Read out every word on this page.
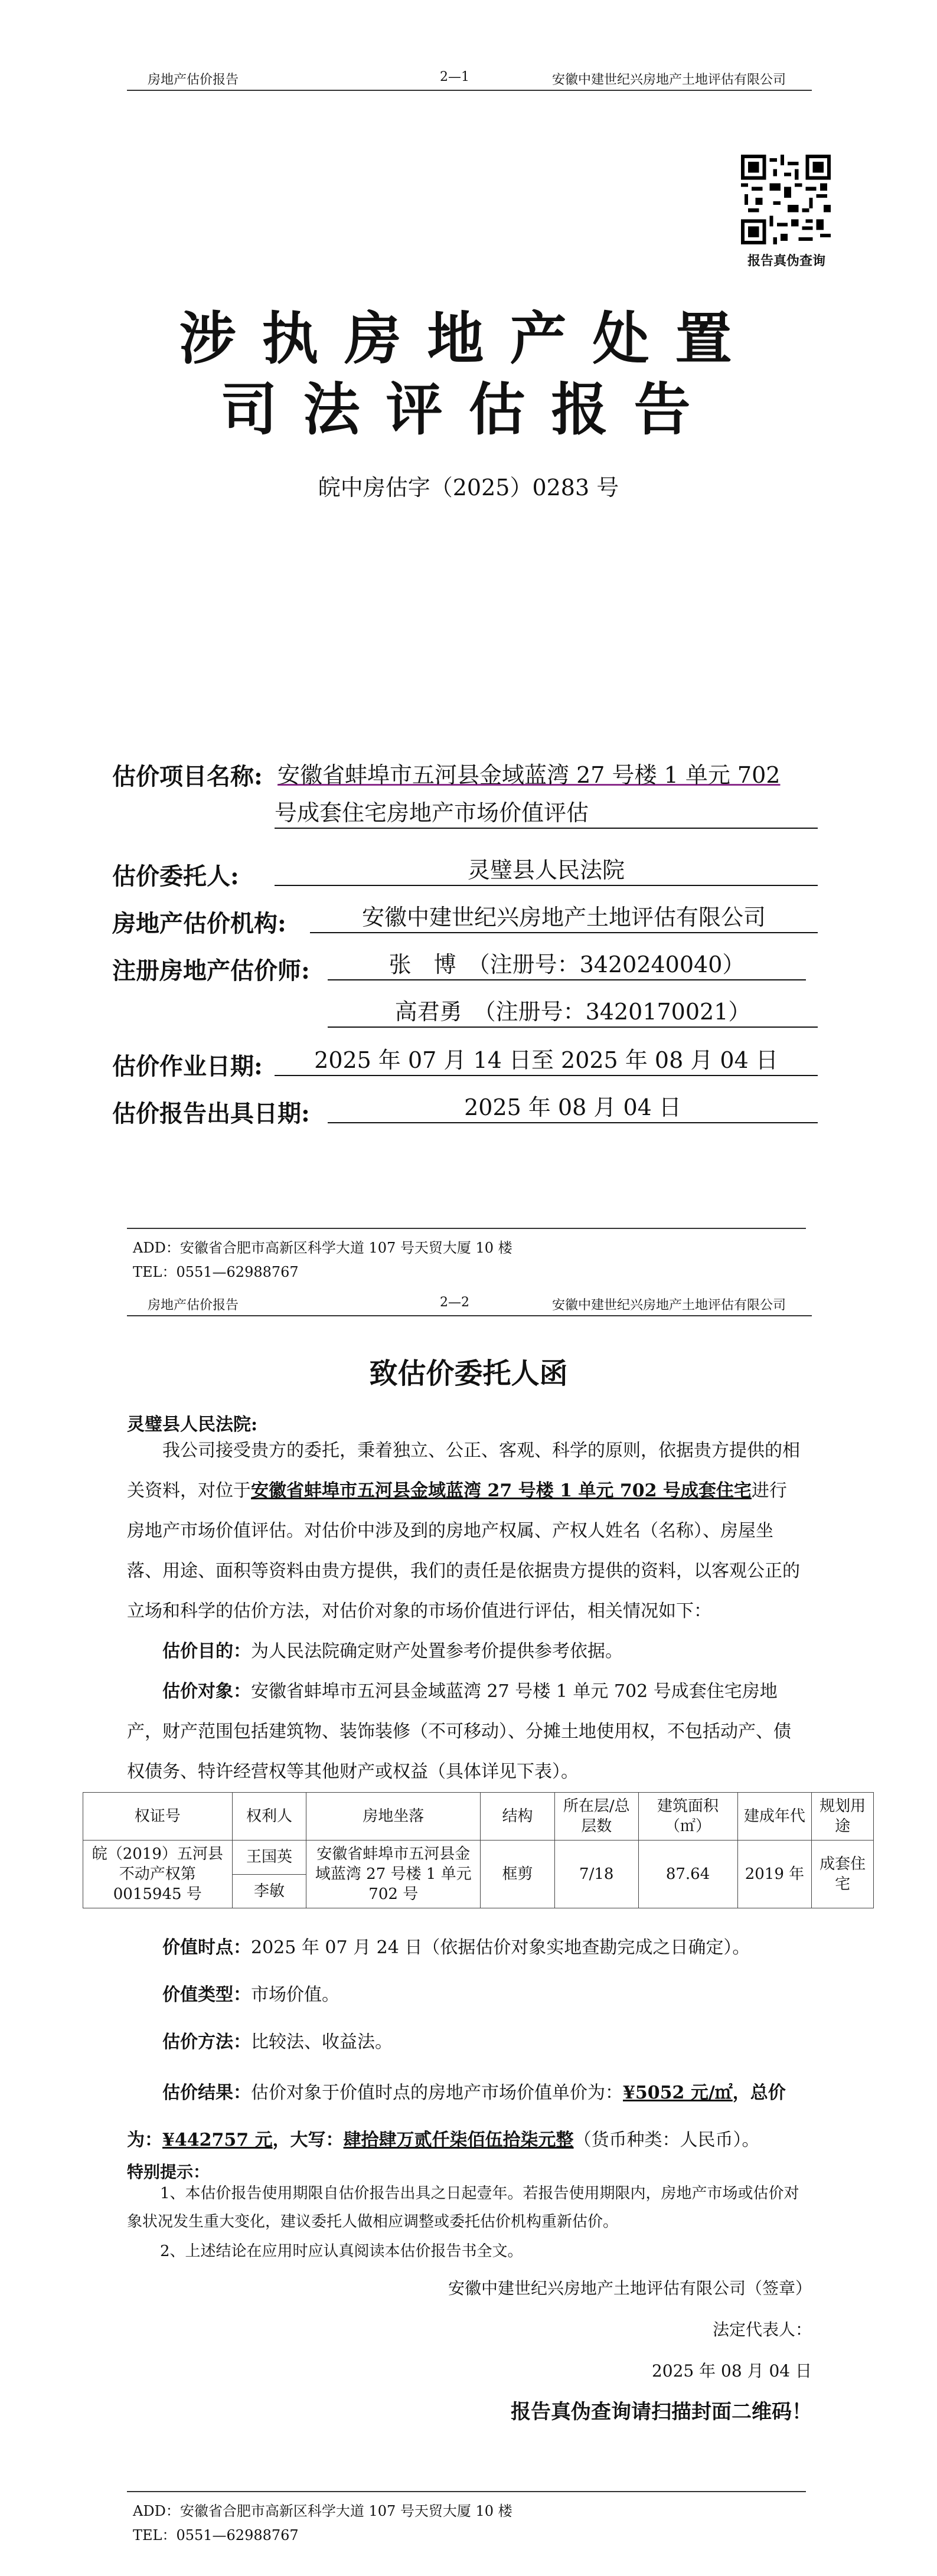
房地产估价报告	2—1	安徽中建世纪兴房地产土地评估有限公司
报告真伪查询
涉执房地产处置
司法评估报告
皖中房估字（2025）0283 号
估价项目名称: 安徽省蚌埠市五河县金域蓝湾 27 号楼 1 单元 702
号成套住宅房地产市场价值评估
估价委托人:	灵璧县人民法院
房地产估价机构:	安徽中建世纪兴房地产土地评估有限公司
注册房地产估价师:	张　博　（注册号：3420240040）
高君勇　（注册号：3420170021）
估价作业日期:	2025 年 07 月 14 日至 2025 年 08 月 04 日
估价报告出具日期:	2025 年 08 月 04 日
ADD：安徽省合肥市高新区科学大道 107 号天贸大厦 10 楼
TEL：0551—62988767
房地产估价报告	2—2	安徽中建世纪兴房地产土地评估有限公司
致估价委托人函
灵璧县人民法院:
我公司接受贵方的委托，秉着独立、公正、客观、科学的原则，依据贵方提供的相关资料，对位于安徽省蚌埠市五河县金域蓝湾 27 号楼 1 单元 702 号成套住宅进行房地产市场价值评估。对估价中涉及到的房地产权属、产权人姓名（名称）、房屋坐落、用途、面积等资料由贵方提供，我们的责任是依据贵方提供的资料，以客观公正的立场和科学的估价方法，对估价对象的市场价值进行评估，相关情况如下：
估价目的：为人民法院确定财产处置参考价提供参考依据。
估价对象：安徽省蚌埠市五河县金域蓝湾 27 号楼 1 单元 702 号成套住宅房地产，财产范围包括建筑物、装饰装修（不可移动）、分摊土地使用权，不包括动产、债权债务、特许经营权等其他财产或权益（具体详见下表）。
权证号	权利人	房地坐落	结构	所在层/总层数	建筑面积（㎡）	建成年代	规划用途
皖（2019）五河县不动产权第 0015945 号	王国英	安徽省蚌埠市五河县金域蓝湾 27 号楼 1 单元 702 号	框剪	7/18	87.64	2019 年	成套住宅
	李敏						
价值时点：2025 年 07 月 24 日（依据估价对象实地查勘完成之日确定）。
价值类型：市场价值。
估价方法：比较法、收益法。
估价结果：估价对象于价值时点的房地产市场价值单价为：¥5052 元/㎡，总价为：¥442757 元，大写：肆拾肆万贰仟柒佰伍拾柒元整（货币种类：人民币）。
特别提示：
1、本估价报告使用期限自估价报告出具之日起壹年。若报告使用期限内，房地产市场或估价对象状况发生重大变化，建议委托人做相应调整或委托估价机构重新估价。
2、上述结论在应用时应认真阅读本估价报告书全文。
安徽中建世纪兴房地产土地评估有限公司（签章）
法定代表人：
2025 年 08 月 04 日
报告真伪查询请扫描封面二维码！
ADD：安徽省合肥市高新区科学大道 107 号天贸大厦 10 楼
TEL：0551—62988767
